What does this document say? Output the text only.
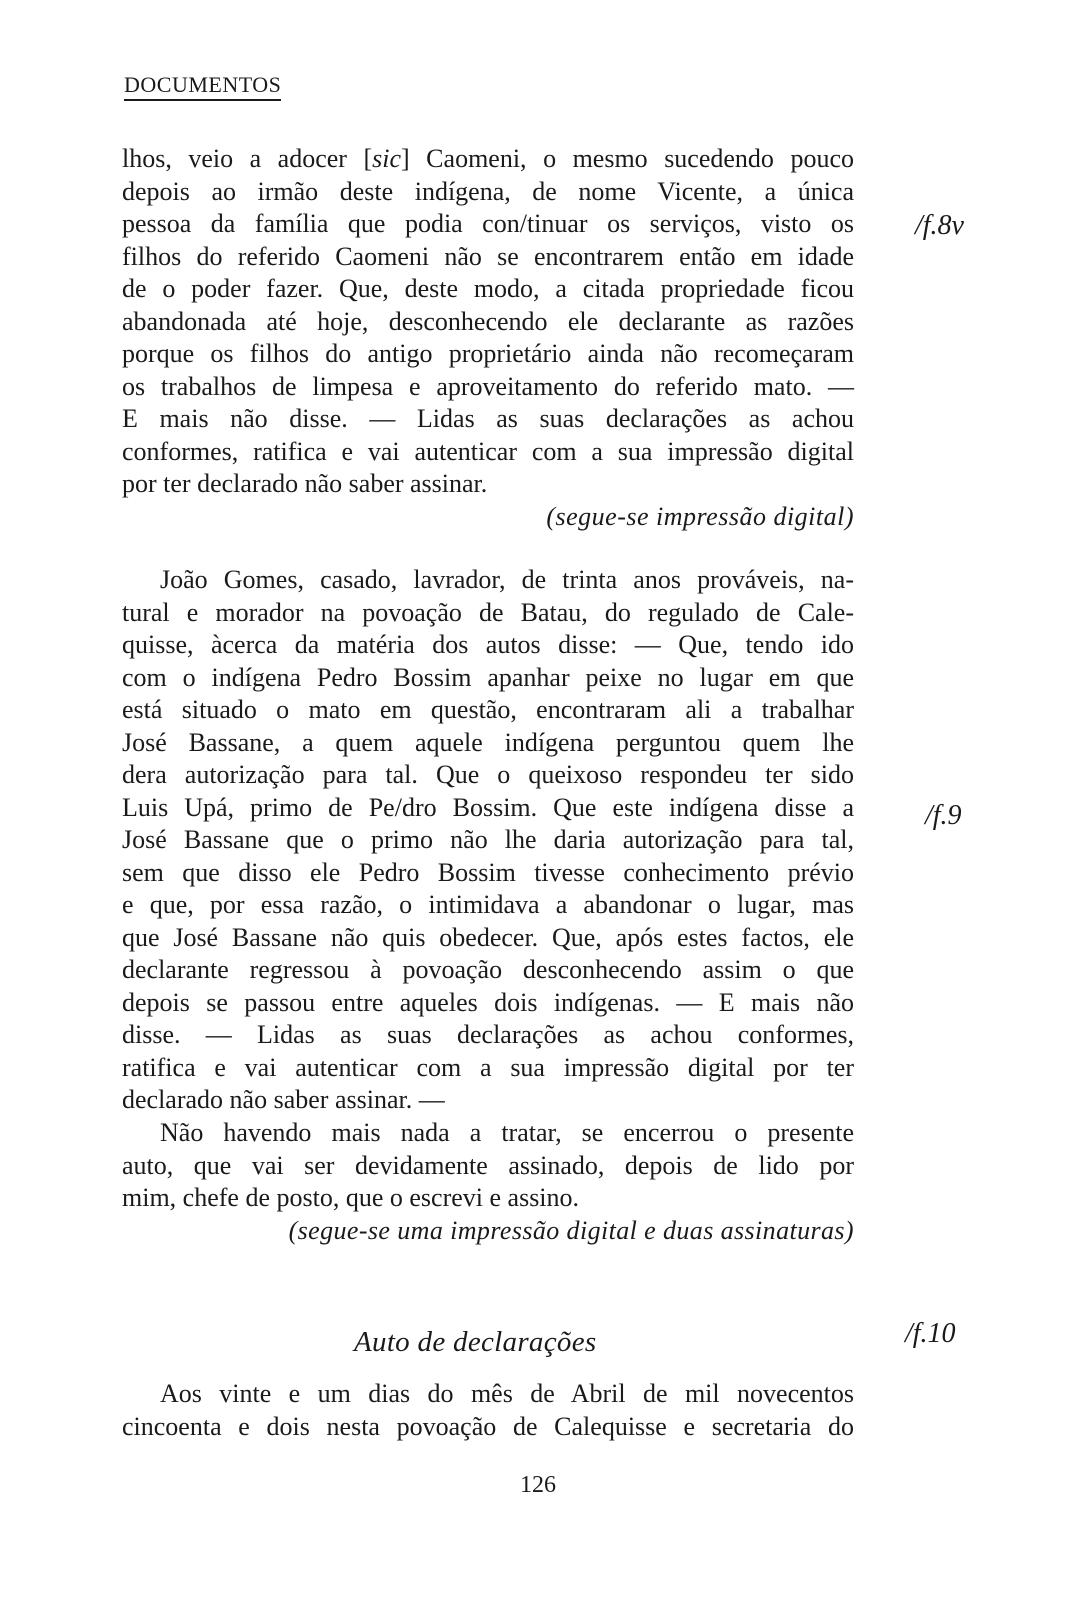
DOCUMENTOS
lhos, veio a adocer [sic] Caomeni, o mesmo sucedendo pouco
depois ao irmão deste indígena, de nome Vicente, a única
pessoa da família que podia con/tinuar os serviços, visto os
filhos do referido Caomeni não se encontrarem então em idade
de o poder fazer. Que, deste modo, a citada propriedade ficou
abandonada até hoje, desconhecendo ele declarante as razões
porque os filhos do antigo proprietário ainda não recomeçaram
os trabalhos de limpesa e aproveitamento do referido mato. —
E mais não disse. — Lidas as suas declarações as achou
conformes, ratifica e vai autenticar com a sua impressão digital
por ter declarado não saber assinar.
(segue-se impressão digital)
João Gomes, casado, lavrador, de trinta anos prováveis, na-
tural e morador na povoação de Batau, do regulado de Cale-
quisse, àcerca da matéria dos autos disse: — Que, tendo ido
com o indígena Pedro Bossim apanhar peixe no lugar em que
está situado o mato em questão, encontraram ali a trabalhar
José Bassane, a quem aquele indígena perguntou quem lhe
dera autorização para tal. Que o queixoso respondeu ter sido
Luis Upá, primo de Pe/dro Bossim. Que este indígena disse a
José Bassane que o primo não lhe daria autorização para tal,
sem que disso ele Pedro Bossim tivesse conhecimento prévio
e que, por essa razão, o intimidava a abandonar o lugar, mas
que José Bassane não quis obedecer. Que, após estes factos, ele
declarante regressou à povoação desconhecendo assim o que
depois se passou entre aqueles dois indígenas. — E mais não
disse. — Lidas as suas declarações as achou conformes,
ratifica e vai autenticar com a sua impressão digital por ter
declarado não saber assinar. —
Não havendo mais nada a tratar, se encerrou o presente
auto, que vai ser devidamente assinado, depois de lido por
mim, chefe de posto, que o escrevi e assino.
(segue-se uma impressão digital e duas assinaturas)
Auto de declarações
Aos vinte e um dias do mês de Abril de mil novecentos
cincoenta e dois nesta povoação de Calequisse e secretaria do
/f.8v
/f.9
/f.10
126
